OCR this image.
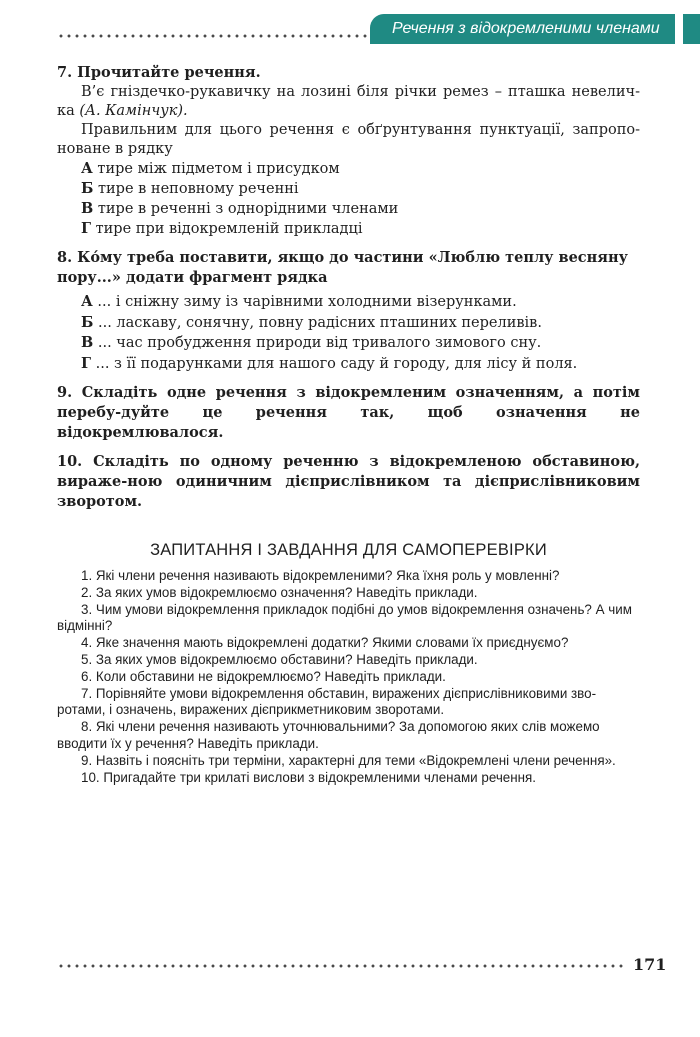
Речення з відокремленими членами

7. Прочитайте речення.

В’є гніздечко-рукавичку на лозині біля річки ремез – пташка невелич-ка (А. Камінчук).

Правильним для цього речення є обґрунтування пунктуації, запропо-новане в рядку

А тире між підметом і присудком

Б тире в неповному реченні

В тире в реченні з однорідними членами

Г тире при відокремленій прикладці

8. Ко́му треба поставити, якщо до частини «Люблю теплу весняну пору...» додати фрагмент рядка

А ... і сніжну зиму із чарівними холодними візерунками.

Б ... ласкаву, сонячну, повну радісних пташиних переливів.

В ... час пробудження природи від тривалого зимового сну.

Г ... з її подарунками для нашого саду й городу, для лісу й поля.

9. Складіть одне речення з відокремленим означенням, а потім перебу-дуйте це речення так, щоб означення не відокремлювалося.

10. Складіть по одному реченню з відокремленою обставиною, виражe-ною одиничним дієприслівником та дієприслівниковим зворотом.

ЗАПИТАННЯ І ЗАВДАННЯ ДЛЯ САМОПЕРЕВІРКИ

1. Які члени речення називають відокремленими? Яка їхня роль у мовленні?

2. За яких умов відокремлюємо означення? Наведіть приклади.

3. Чим умови відокремлення прикладок подібні до умов відокремлення означень? А чим відмінні?

4. Яке значення мають відокремлені додатки? Якими словами їх приєднуємо?

5. За яких умов відокремлюємо обставини? Наведіть приклади.

6. Коли обставини не відокремлюємо? Наведіть приклади.

7. Порівняйте умови відокремлення обставин, виражених дієприслівниковими зво-ротами, і означень, виражених дієприкметниковим зворотами.

8. Які члени речення називають уточнювальними? За допомогою яких слів можемо вводити їх у речення? Наведіть приклади.

9. Назвіть і поясніть три терміни, характерні для теми «Відокремлені члени речення».

10. Пригадайте три крилаті вислови з відокремленими членами речення.

171
